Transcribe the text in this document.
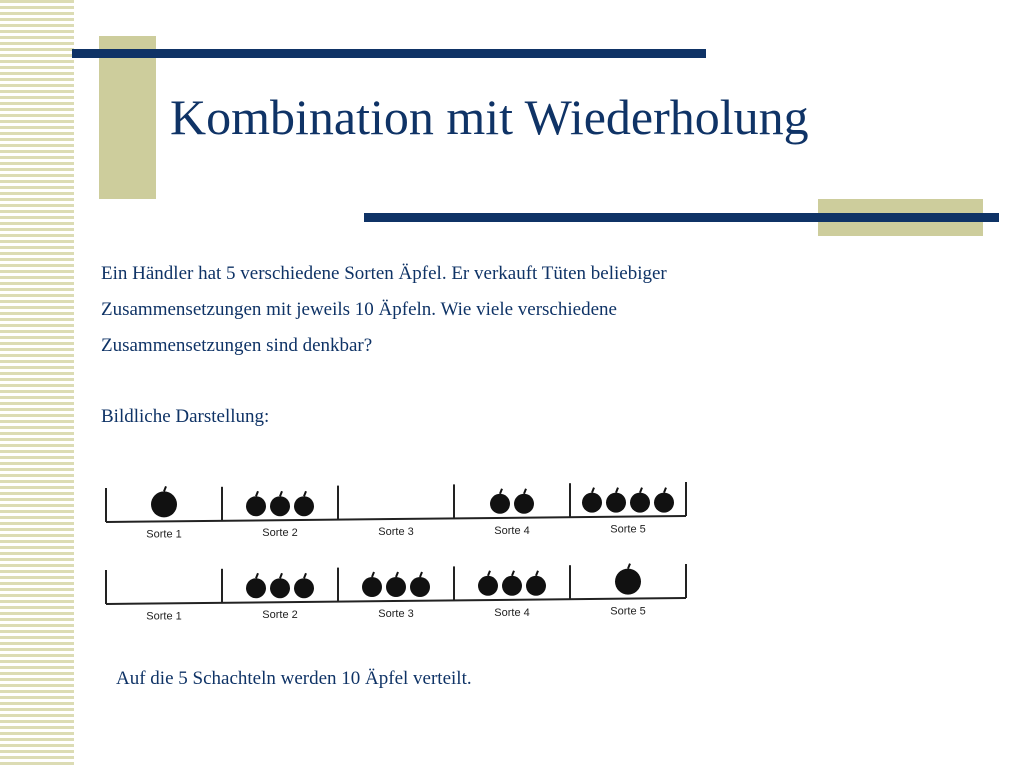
Kombination mit Wiederholung
Ein Händler hat 5 verschiedene Sorten Äpfel. Er verkauft Tüten beliebiger
Zusammensetzungen mit jeweils 10 Äpfeln. Wie viele verschiedene
Zusammensetzungen sind denkbar?

Bildliche Darstellung:

Sorte 1	Sorte 2	Sorte 3	Sorte 4	Sorte 5
Sorte 1	Sorte 2	Sorte 3	Sorte 4	Sorte 5

Auf die 5 Schachteln werden 10 Äpfel verteilt.
